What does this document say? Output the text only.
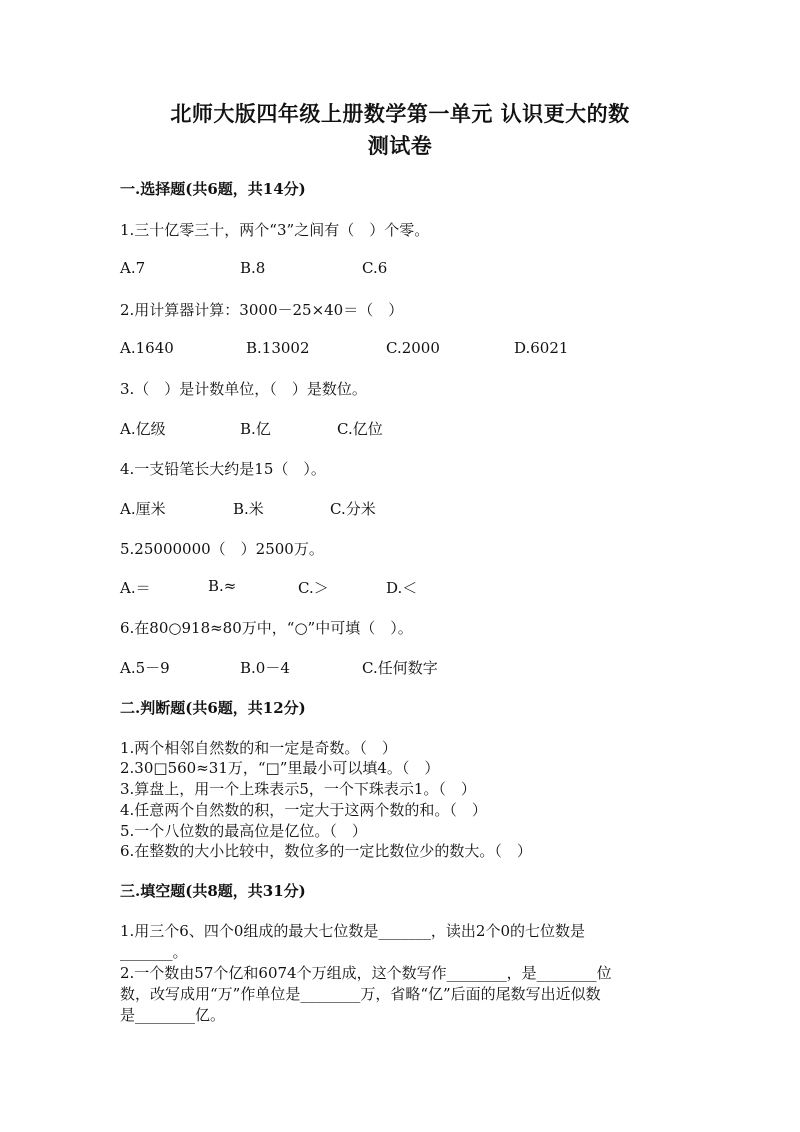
北师大版四年级上册数学第一单元 认识更大的数
测试卷
一.选择题(共6题，共14分)
1.三十亿零三十，两个“3”之间有（　）个零。
A.7	B.8	C.6
2.用计算器计算：3000－25×40＝（　）
A.1640	B.13002	C.2000	D.6021
3.（　）是计数单位，（　）是数位。
A.亿级	B.亿	C.亿位
4.一支铅笔长大约是15（　）。
A.厘米	B.米	C.分米
5.25000000（　）2500万。
A.＝	B.≈	C.＞	D.＜
6.在80○918≈80万中，“○”中可填（　）。
A.5－9	B.0－4	C.任何数字
二.判断题(共6题，共12分)
1.两个相邻自然数的和一定是奇数。（　）
2.30□560≈31万，“□”里最小可以填4。（　）
3.算盘上，用一个上珠表示5，一个下珠表示1。（　）
4.任意两个自然数的积，一定大于这两个数的和。（　）
5.一个八位数的最高位是亿位。（　）
6.在整数的大小比较中，数位多的一定比数位少的数大。（　）
三.填空题(共8题，共31分)
1.用三个6、四个0组成的最大七位数是_______，读出2个0的七位数是
_______。
2.一个数由57个亿和6074个万组成，这个数写作________，是________位
数，改写成用“万”作单位是________万，省略“亿”后面的尾数写出近似数
是________亿。
